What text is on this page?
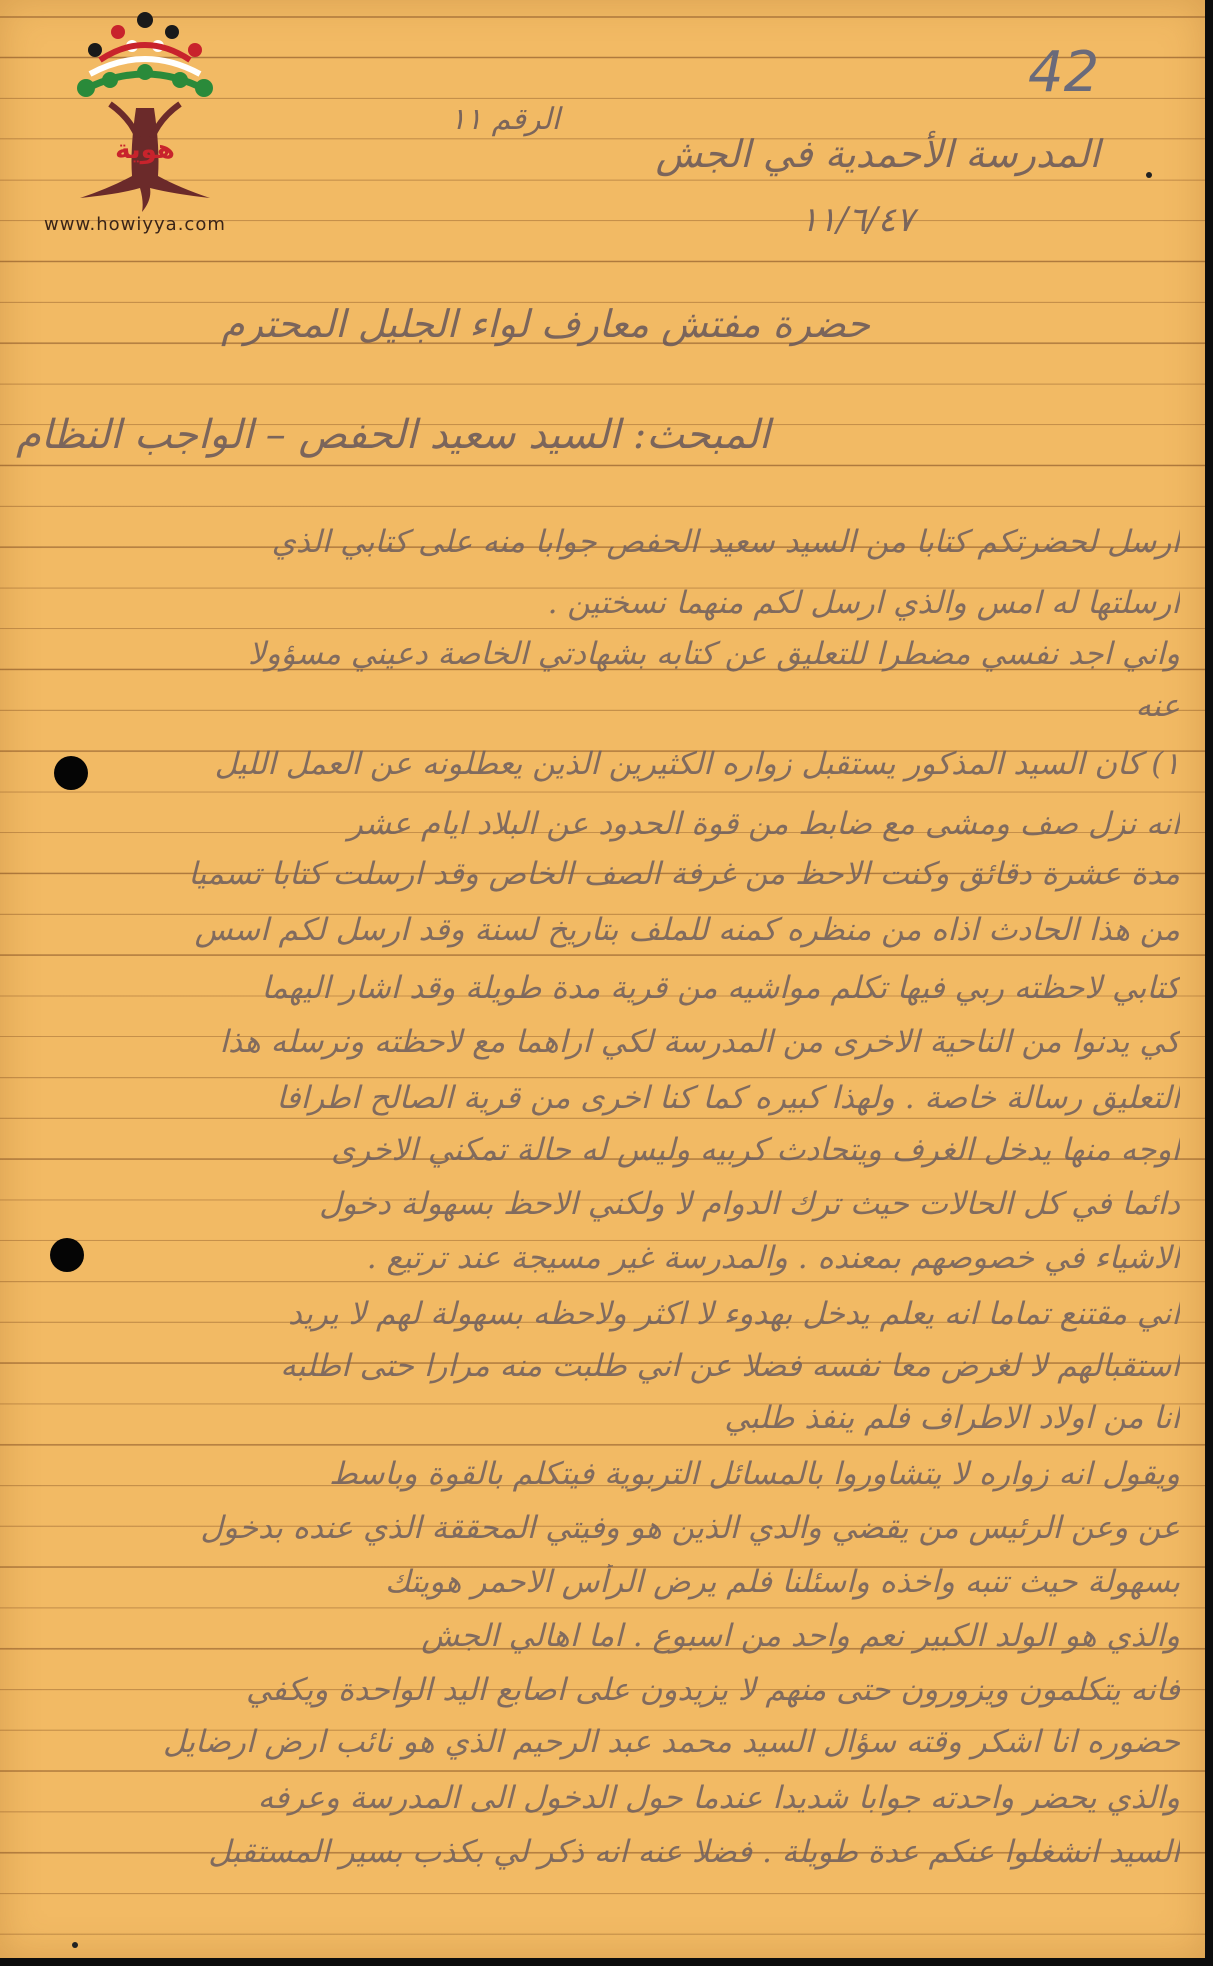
هوية
www.howiyya.com
42
الرقم ١١
المدرسة الأحمدية في الجش
١١/٦/٤٧
حضرة مفتش معارف لواء الجليل المحترم
المبحث: السيد سعيد الحفص – الواجب النظام
ارسل لحضرتكم كتابا من السيد سعيد الحفص جوابا منه على كتابي الذي
ارسلتها له امس والذي ارسل لكم منهما نسختين .
واني اجد نفسي مضطرا للتعليق عن كتابه بشهادتي الخاصة دعيني مسؤولا
عنه
١) كان السيد المذكور يستقبل زواره الكثيرين الذين يعطلونه عن العمل الليل
انه نزل صف ومشى مع ضابط من قوة الحدود عن البلاد ايام عشر
مدة عشرة دقائق وكنت الاحظ من غرفة الصف الخاص وقد ارسلت كتابا تسميا
من هذا الحادث اذاه من منظره كمنه للملف بتاريخ لسنة وقد ارسل لكم اسس
كتابي لاحظته ربي فيها تكلم مواشيه من قرية مدة طويلة وقد اشار اليهما
كي يدنوا من الناحية الاخرى من المدرسة لكي اراهما مع لاحظته ونرسله هذا
التعليق رسالة خاصة . ولهذا كبيره كما كنا اخرى من قرية الصالح اطرافا
اوجه منها يدخل الغرف ويتحادث كربيه وليس له حالة تمكني الاخرى
دائما في كل الحالات حيث ترك الدوام لا ولكني الاحظ بسهولة دخول
الاشياء في خصوصهم بمعنده . والمدرسة غير مسيجة عند ترتيع .
اني مقتنع تماما انه يعلم يدخل بهدوء لا اكثر ولاحظه بسهولة لهم لا يريد
استقبالهم لا لغرض معا نفسه فضلا عن اني طلبت منه مرارا حتى اطلبه
انا من اولاد الاطراف فلم ينفذ طلبي
ويقول انه زواره لا يتشاوروا بالمسائل التربوية فيتكلم بالقوة وباسط
عن وعن الرئيس من يقضي والدي الذين هو وفيتي المحققة الذي عنده بدخول
بسهولة حيث تنبه واخذه واسئلنا فلم يرض الرأس الاحمر هويتك
والذي هو الولد الكبير نعم واحد من اسبوع . اما اهالي الجش
فانه يتكلمون ويزورون حتى منهم لا يزيدون على اصابع اليد الواحدة ويكفي
حضوره انا اشكر وقته سؤال السيد محمد عبد الرحيم الذي هو نائب ارض ارضايل
والذي يحضر واحدته جوابا شديدا عندما حول الدخول الى المدرسة وعرفه
السيد انشغلوا عنكم عدة طويلة . فضلا عنه انه ذكر لي بكذب بسير المستقبل
